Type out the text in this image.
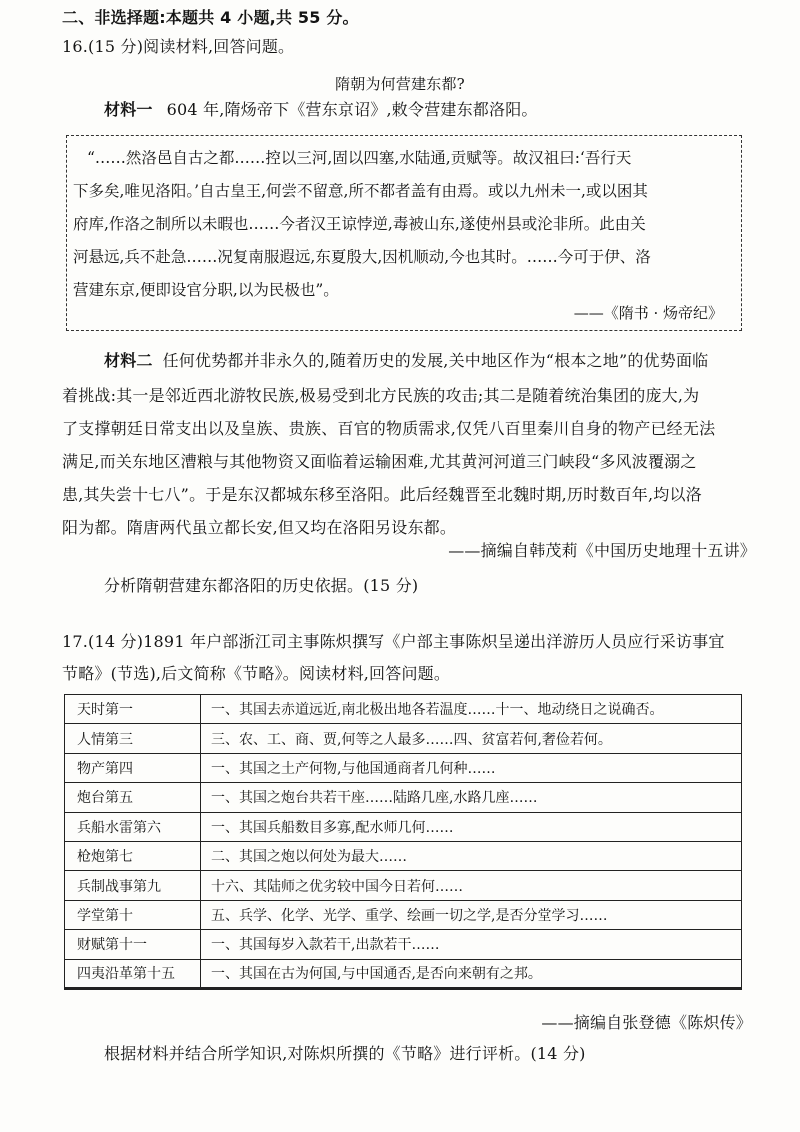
二、非选择题:本题共 4 小题,共 55 分。
16.(15 分)阅读材料,回答问题。
隋朝为何营建东都?
材料一 604 年,隋炀帝下《营东京诏》,敕令营建东都洛阳。
“……然洛邑自古之都……控以三河,固以四塞,水陆通,贡赋等。故汉祖曰:‘吾行天
下多矣,唯见洛阳。’自古皇王,何尝不留意,所不都者盖有由焉。或以九州未一,或以困其
府库,作洛之制所以未暇也……今者汉王谅悖逆,毒被山东,遂使州县或沦非所。此由关
河悬远,兵不赴急……况复南服遐远,东夏殷大,因机顺动,今也其时。……今可于伊、洛
营建东京,便即设官分职,以为民极也”。
——《隋书 · 炀帝纪》
材料二 任何优势都并非永久的,随着历史的发展,关中地区作为“根本之地”的优势面临
着挑战:其一是邻近西北游牧民族,极易受到北方民族的攻击;其二是随着统治集团的庞大,为
了支撑朝廷日常支出以及皇族、贵族、百官的物质需求,仅凭八百里秦川自身的物产已经无法
满足,而关东地区漕粮与其他物资又面临着运输困难,尤其黄河河道三门峡段“多风波覆溺之
患,其失尝十七八”。于是东汉都城东移至洛阳。此后经魏晋至北魏时期,历时数百年,均以洛
阳为都。隋唐两代虽立都长安,但又均在洛阳另设东都。
——摘编自韩茂莉《中国历史地理十五讲》
分析隋朝营建东都洛阳的历史依据。(15 分)
17.(14 分)1891 年户部浙江司主事陈炽撰写《户部主事陈炽呈递出洋游历人员应行采访事宜
节略》(节选),后文简称《节略》。阅读材料,回答问题。
天时第一	一、其国去赤道远近,南北极出地各若温度……十一、地动绕日之说确否。
人情第三	三、农、工、商、贾,何等之人最多……四、贫富若何,奢俭若何。
物产第四	一、其国之土产何物,与他国通商者几何种……
炮台第五	一、其国之炮台共若干座……陆路几座,水路几座……
兵船水雷第六	一、其国兵船数目多寡,配水师几何……
枪炮第七	二、其国之炮以何处为最大……
兵制战事第九	十六、其陆师之优劣较中国今日若何……
学堂第十	五、兵学、化学、光学、重学、绘画一切之学,是否分堂学习……
财赋第十一	一、其国每岁入款若干,出款若干……
四夷沿革第十五	一、其国在古为何国,与中国通否,是否向来朝有之邦。
——摘编自张登德《陈炽传》
根据材料并结合所学知识,对陈炽所撰的《节略》进行评析。(14 分)
